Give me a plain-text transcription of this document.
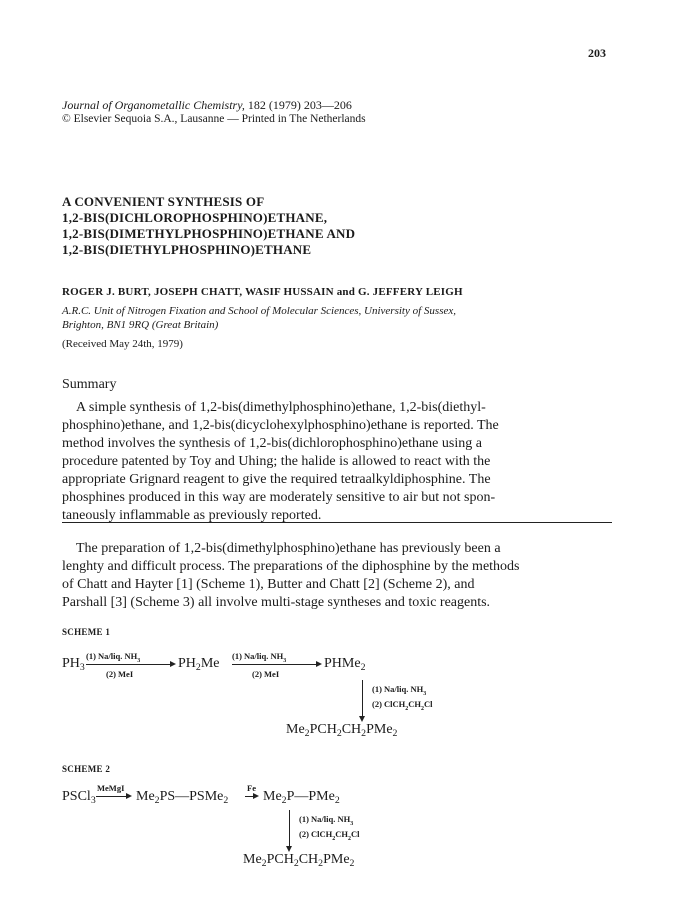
203
Journal of Organometallic Chemistry, 182 (1979) 203—206
© Elsevier Sequoia S.A., Lausanne — Printed in The Netherlands
A CONVENIENT SYNTHESIS OF
1,2-BIS(DICHLOROPHOSPHINO)ETHANE,
1,2-BIS(DIMETHYLPHOSPHINO)ETHANE AND
1,2-BIS(DIETHYLPHOSPHINO)ETHANE
ROGER J. BURT, JOSEPH CHATT, WASIF HUSSAIN and G. JEFFERY LEIGH
A.R.C. Unit of Nitrogen Fixation and School of Molecular Sciences, University of Sussex,
Brighton, BN1 9RQ (Great Britain)
(Received May 24th, 1979)
Summary
A simple synthesis of 1,2-bis(dimethylphosphino)ethane, 1,2-bis(diethyl-
phosphino)ethane, and 1,2-bis(dicyclohexylphosphino)ethane is reported. The
method involves the synthesis of 1,2-bis(dichlorophosphino)ethane using a
procedure patented by Toy and Uhing; the halide is allowed to react with the
appropriate Grignard reagent to give the required tetraalkyldiphosphine. The
phosphines produced in this way are moderately sensitive to air but not spon-
taneously inflammable as previously reported.
The preparation of 1,2-bis(dimethylphosphino)ethane has previously been a
lenghty and difficult process. The preparations of the diphosphine by the methods
of Chatt and Hayter [1] (Scheme 1), Butter and Chatt [2] (Scheme 2), and
Parshall [3] (Scheme 3) all involve multi-stage syntheses and toxic reagents.
SCHEME 1
$PH_3$
(1) Na/liq. $NH_3$
(2) MeI
$PH_2Me$ (1) Na/liq. $NH_3$
(2) MeI
PHMe$_2$
(1) Na/liq. $NH_3$
(2) $ClCH_2CH_2Cl$
$Me_2PCH_2CH_2PMe_2$
SCHEME 2
PSCl$_3$
MeMgI
$Me_2PS—PSMe_2$
Fe
$Me_2P—PMe_2$
(1) Na/liq. $NH_3$
(2) $ClCH_2CH_2Cl$
$Me_2PCH_2CH_2PMe_2$
